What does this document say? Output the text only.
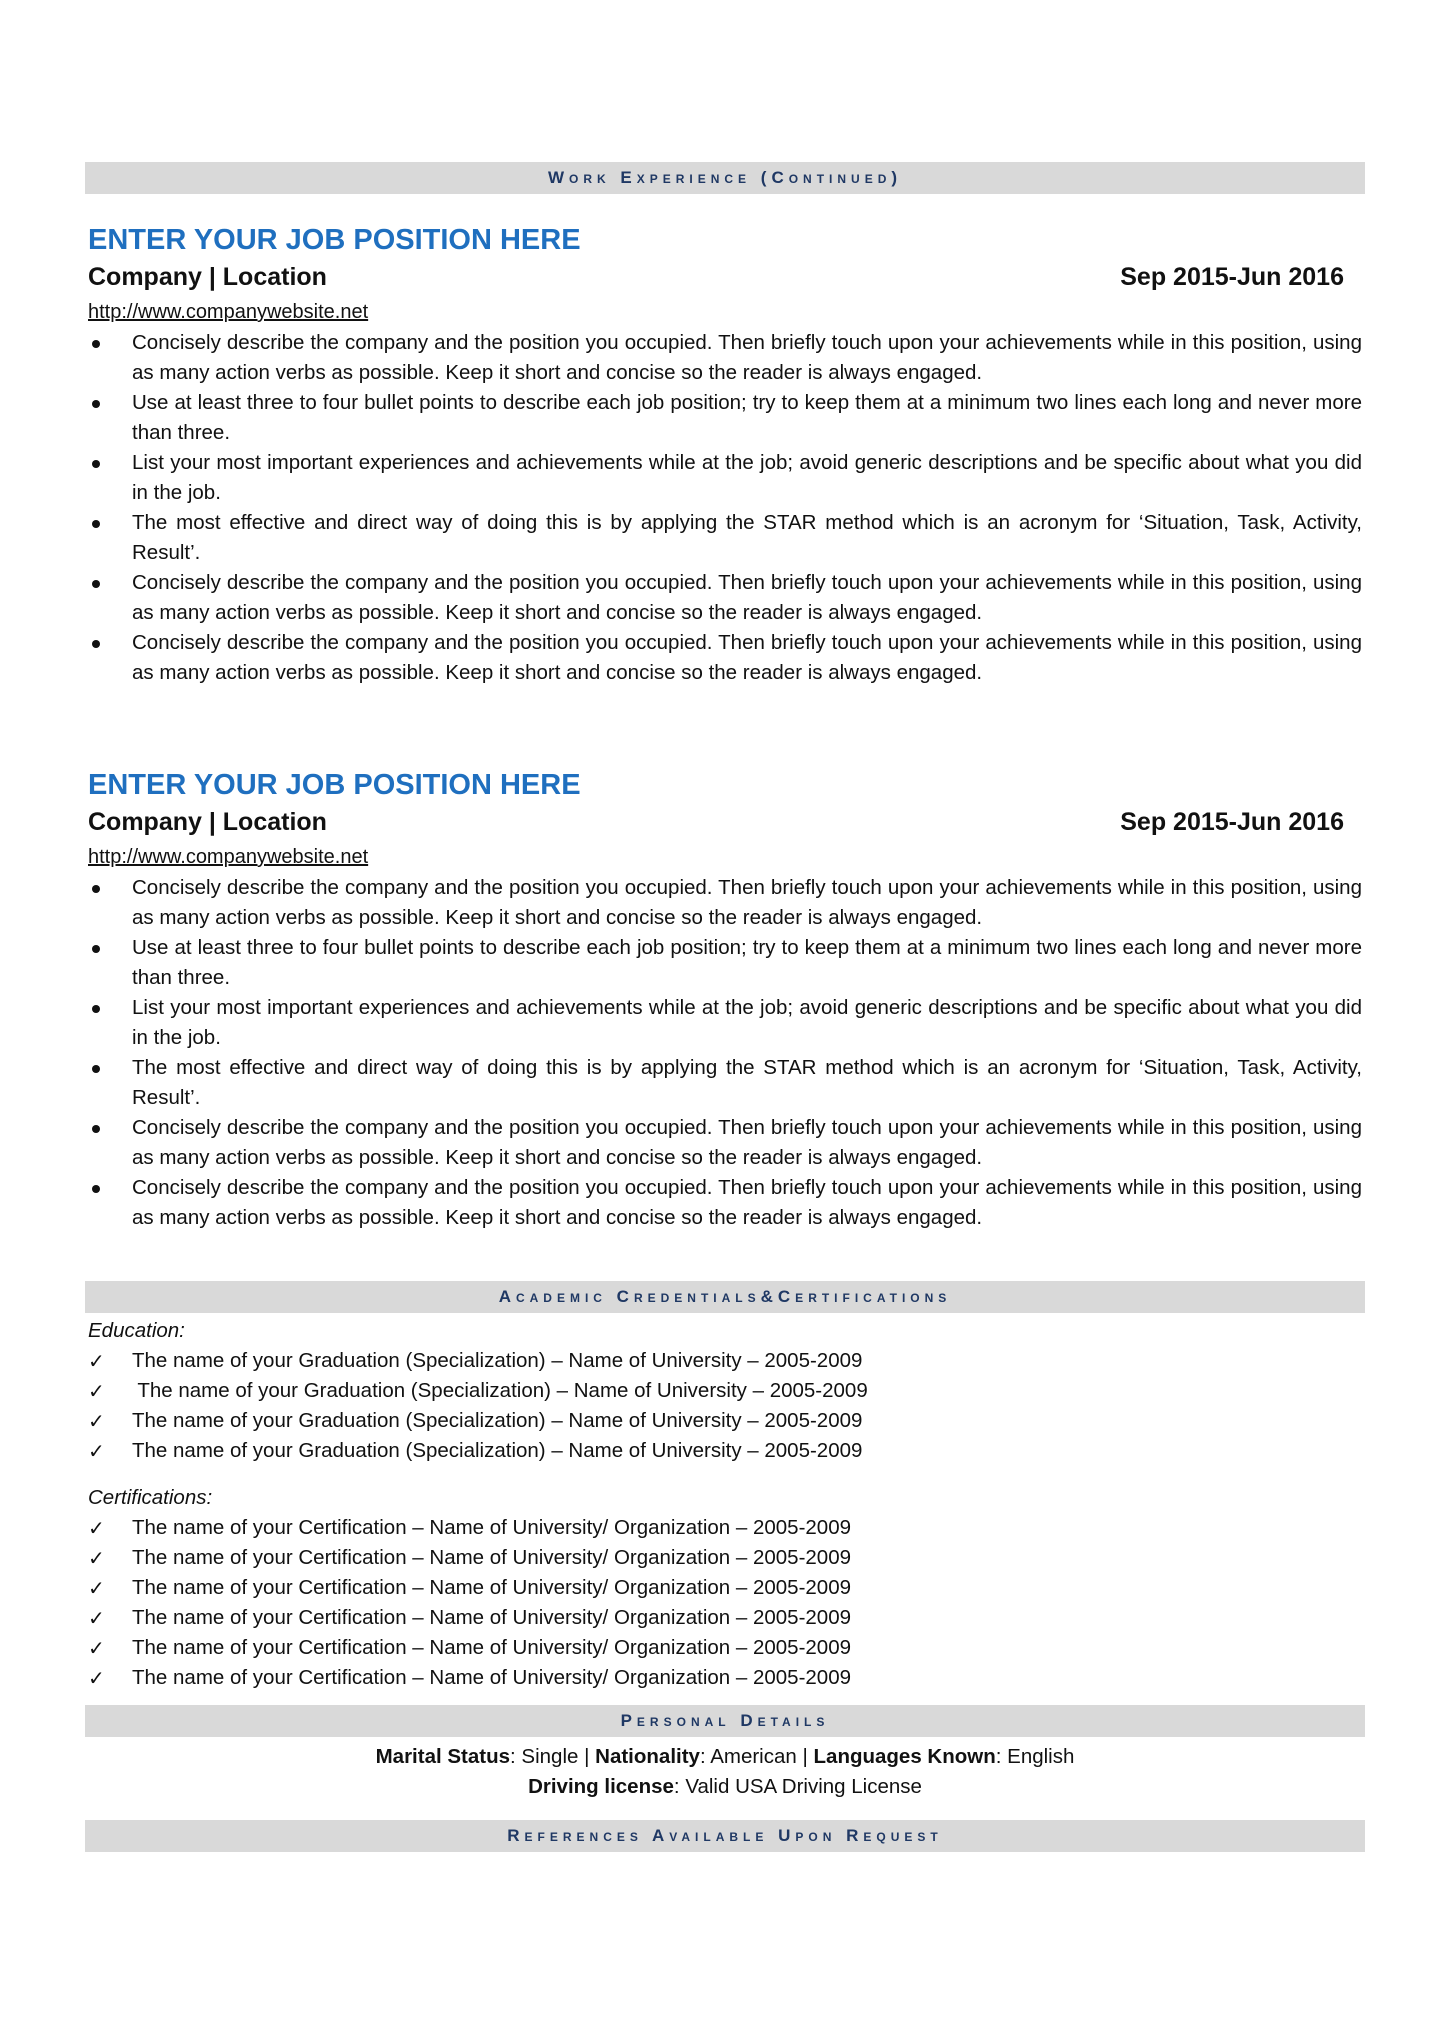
Work Experience (Continued)
ENTER YOUR JOB POSITION HERE
Company | Location	Sep 2015-Jun 2016
http://www.companywebsite.net
Concisely describe the company and the position you occupied. Then briefly touch upon your achievements while in this position, using as many action verbs as possible. Keep it short and concise so the reader is always engaged.
Use at least three to four bullet points to describe each job position; try to keep them at a minimum two lines each long and never more than three.
List your most important experiences and achievements while at the job; avoid generic descriptions and be specific about what you did in the job.
The most effective and direct way of doing this is by applying the STAR method which is an acronym for ‘Situation, Task, Activity, Result’.
Concisely describe the company and the position you occupied. Then briefly touch upon your achievements while in this position, using as many action verbs as possible. Keep it short and concise so the reader is always engaged.
Concisely describe the company and the position you occupied. Then briefly touch upon your achievements while in this position, using as many action verbs as possible. Keep it short and concise so the reader is always engaged.
ENTER YOUR JOB POSITION HERE
Company | Location	Sep 2015-Jun 2016
http://www.companywebsite.net
Concisely describe the company and the position you occupied. Then briefly touch upon your achievements while in this position, using as many action verbs as possible. Keep it short and concise so the reader is always engaged.
Use at least three to four bullet points to describe each job position; try to keep them at a minimum two lines each long and never more than three.
List your most important experiences and achievements while at the job; avoid generic descriptions and be specific about what you did in the job.
The most effective and direct way of doing this is by applying the STAR method which is an acronym for ‘Situation, Task, Activity, Result’.
Concisely describe the company and the position you occupied. Then briefly touch upon your achievements while in this position, using as many action verbs as possible. Keep it short and concise so the reader is always engaged.
Concisely describe the company and the position you occupied. Then briefly touch upon your achievements while in this position, using as many action verbs as possible. Keep it short and concise so the reader is always engaged.
Academic Credentials&Certifications
Education:
✓ The name of your Graduation (Specialization) – Name of University – 2005-2009
✓ The name of your Graduation (Specialization) – Name of University – 2005-2009
✓ The name of your Graduation (Specialization) – Name of University – 2005-2009
✓ The name of your Graduation (Specialization) – Name of University – 2005-2009
Certifications:
✓ The name of your Certification – Name of University/ Organization – 2005-2009
✓ The name of your Certification – Name of University/ Organization – 2005-2009
✓ The name of your Certification – Name of University/ Organization – 2005-2009
✓ The name of your Certification – Name of University/ Organization – 2005-2009
✓ The name of your Certification – Name of University/ Organization – 2005-2009
✓ The name of your Certification – Name of University/ Organization – 2005-2009
Personal Details
Marital Status: Single | Nationality: American | Languages Known: English
Driving license: Valid USA Driving License
References Available Upon Request
